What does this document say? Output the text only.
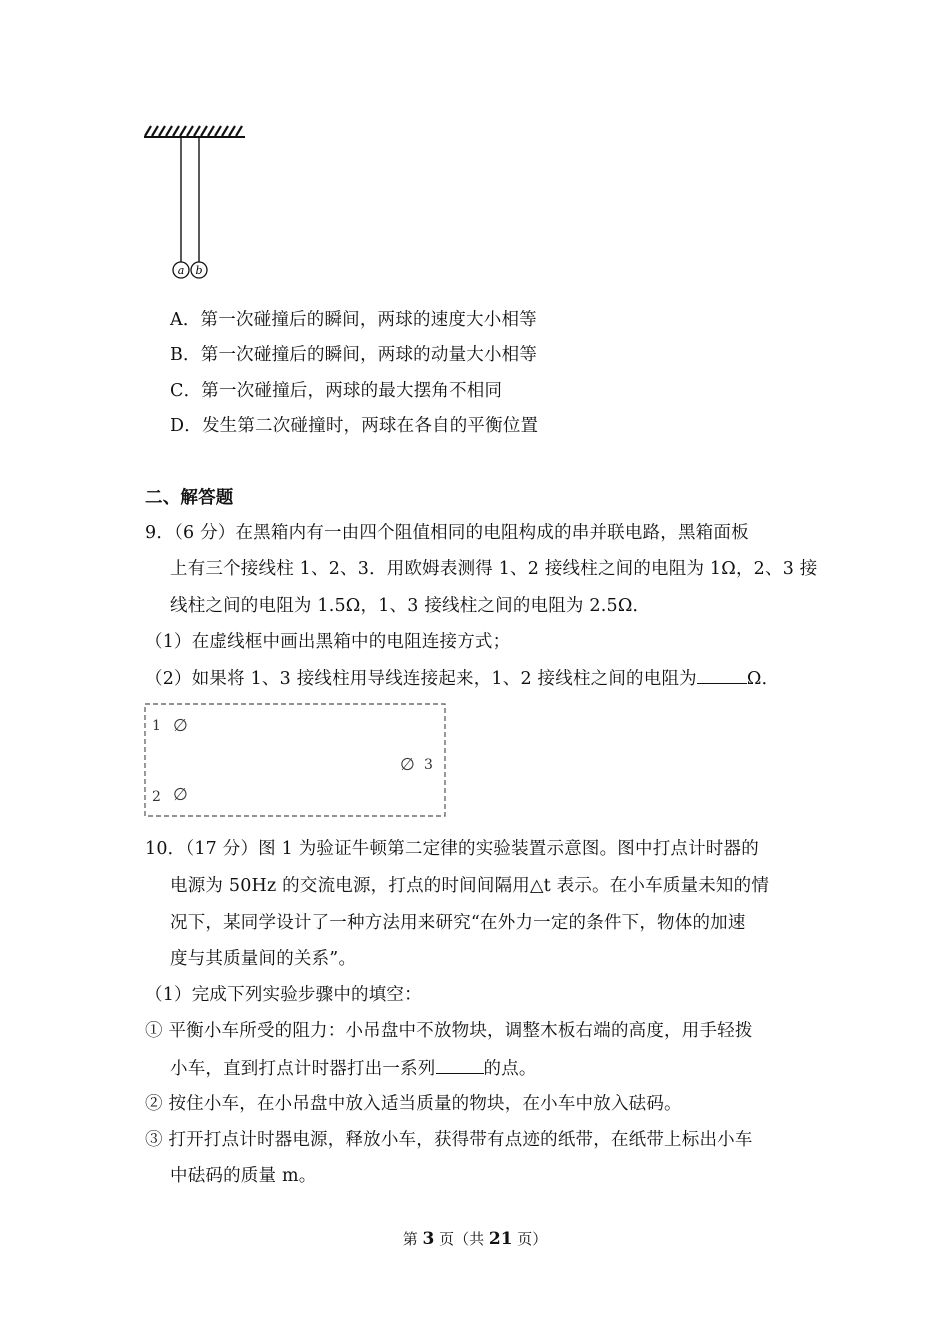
a b
A．第一次碰撞后的瞬间，两球的速度大小相等
B．第一次碰撞后的瞬间，两球的动量大小相等
C．第一次碰撞后，两球的最大摆角不相同
D．发生第二次碰撞时，两球在各自的平衡位置
二、解答题
9．（6 分）在黑箱内有一由四个阻值相同的电阻构成的串并联电路，黑箱面板
上有三个接线柱 1、2、3．用欧姆表测得 1、2 接线柱之间的电阻为 1Ω，2、3 接
线柱之间的电阻为 1.5Ω，1、3 接线柱之间的电阻为 2.5Ω．
（1）在虚线框中画出黑箱中的电阻连接方式；
（2）如果将 1、3 接线柱用导线连接起来，1、2 接线柱之间的电阻为	Ω．
1 ∅
∅ 3
2 ∅
10．（17 分）图 1 为验证牛顿第二定律的实验装置示意图。图中打点计时器的
电源为 50Hz 的交流电源，打点的时间间隔用△t 表示。在小车质量未知的情
况下，某同学设计了一种方法用来研究“在外力一定的条件下，物体的加速
度与其质量间的关系”。
（1）完成下列实验步骤中的填空：
① 平衡小车所受的阻力：小吊盘中不放物块，调整木板右端的高度，用手轻拨
小车，直到打点计时器打出一系列	的点。
② 按住小车，在小吊盘中放入适当质量的物块，在小车中放入砝码。
③ 打开打点计时器电源，释放小车，获得带有点迹的纸带，在纸带上标出小车
中砝码的质量 m。
第 3 页（共 21 页）
